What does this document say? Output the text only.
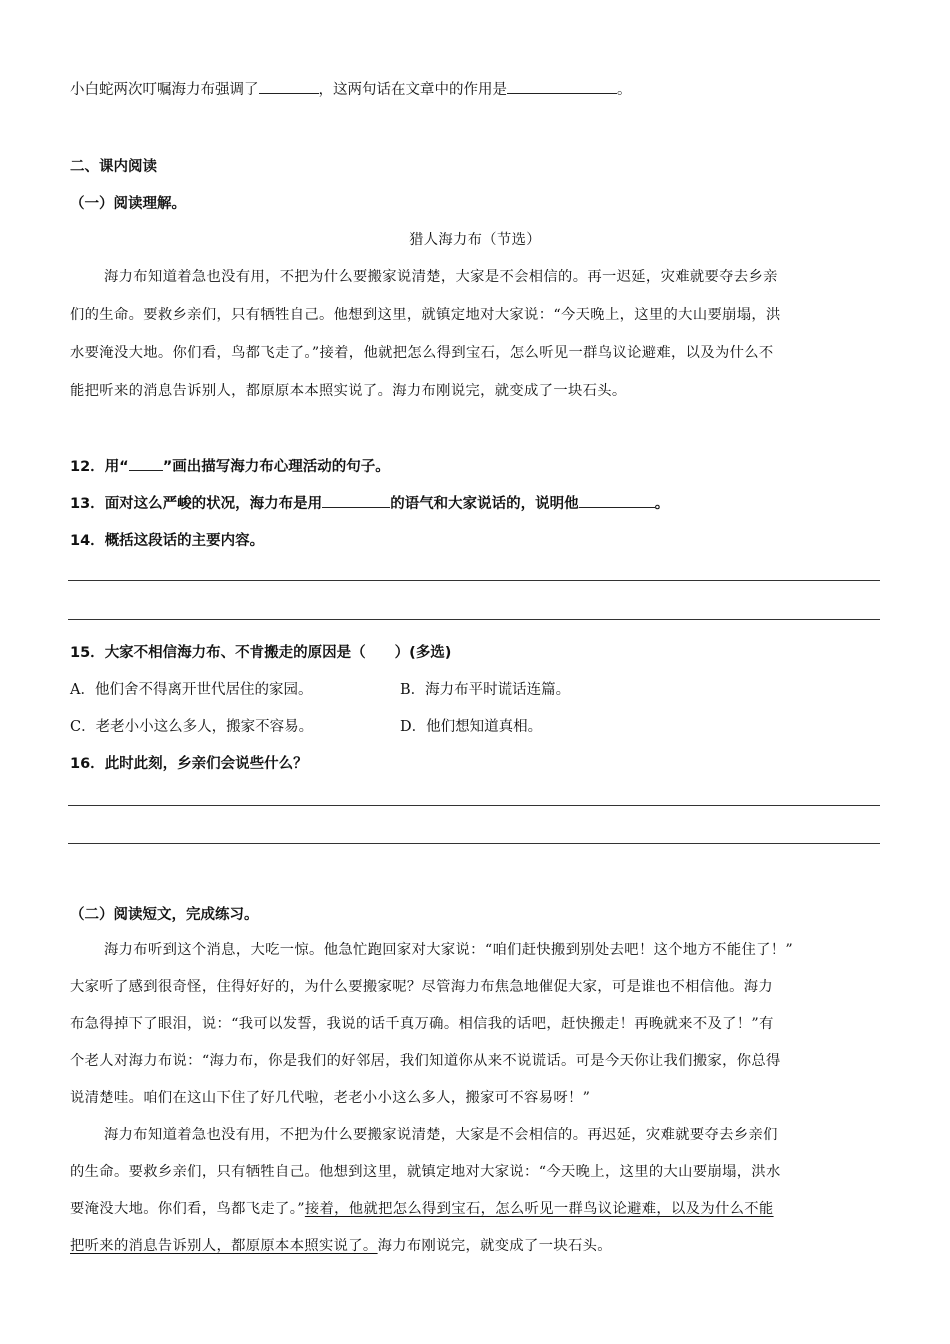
小白蛇两次叮嘱海力布强调了	，这两句话在文章中的作用是	。
二、课内阅读
（一）阅读理解。
猎人海力布（节选）
海力布知道着急也没有用，不把为什么要搬家说清楚，大家是不会相信的。再一迟延，灾难就要夺去乡亲
们的生命。要救乡亲们，只有牺牲自己。他想到这里，就镇定地对大家说：“今天晚上，这里的大山要崩塌，洪
水要淹没大地。你们看，鸟都飞走了。”接着，他就把怎么得到宝石，怎么听见一群鸟议论避难，以及为什么不
能把听来的消息告诉别人，都原原本本照实说了。海力布刚说完，就变成了一块石头。
12．用“ ”画出描写海力布心理活动的句子。
13．面对这么严峻的状况，海力布是用	的语气和大家说话的，说明他	。
14．概括这段话的主要内容。
15．大家不相信海力布、不肯搬走的原因是（　　）(多选)
A．他们舍不得离开世代居住的家园。	B．海力布平时谎话连篇。
C．老老小小这么多人，搬家不容易。	D．他们想知道真相。
16．此时此刻，乡亲们会说些什么？
（二）阅读短文，完成练习。
海力布听到这个消息，大吃一惊。他急忙跑回家对大家说：“咱们赶快搬到别处去吧！这个地方不能住了！”
大家听了感到很奇怪，住得好好的，为什么要搬家呢？尽管海力布焦急地催促大家，可是谁也不相信他。海力
布急得掉下了眼泪，说：“我可以发誓，我说的话千真万确。相信我的话吧，赶快搬走！再晚就来不及了！”有
个老人对海力布说：“海力布，你是我们的好邻居，我们知道你从来不说谎话。可是今天你让我们搬家，你总得
说清楚哇。咱们在这山下住了好几代啦，老老小小这么多人，搬家可不容易呀！”
海力布知道着急也没有用，不把为什么要搬家说清楚，大家是不会相信的。再迟延，灾难就要夺去乡亲们
的生命。要救乡亲们，只有牺牲自己。他想到这里，就镇定地对大家说：“今天晚上，这里的大山要崩塌，洪水
要淹没大地。你们看，鸟都飞走了。”接着，他就把怎么得到宝石，怎么听见一群鸟议论避难，以及为什么不能
把听来的消息告诉别人，都原原本本照实说了。海力布刚说完，就变成了一块石头。
